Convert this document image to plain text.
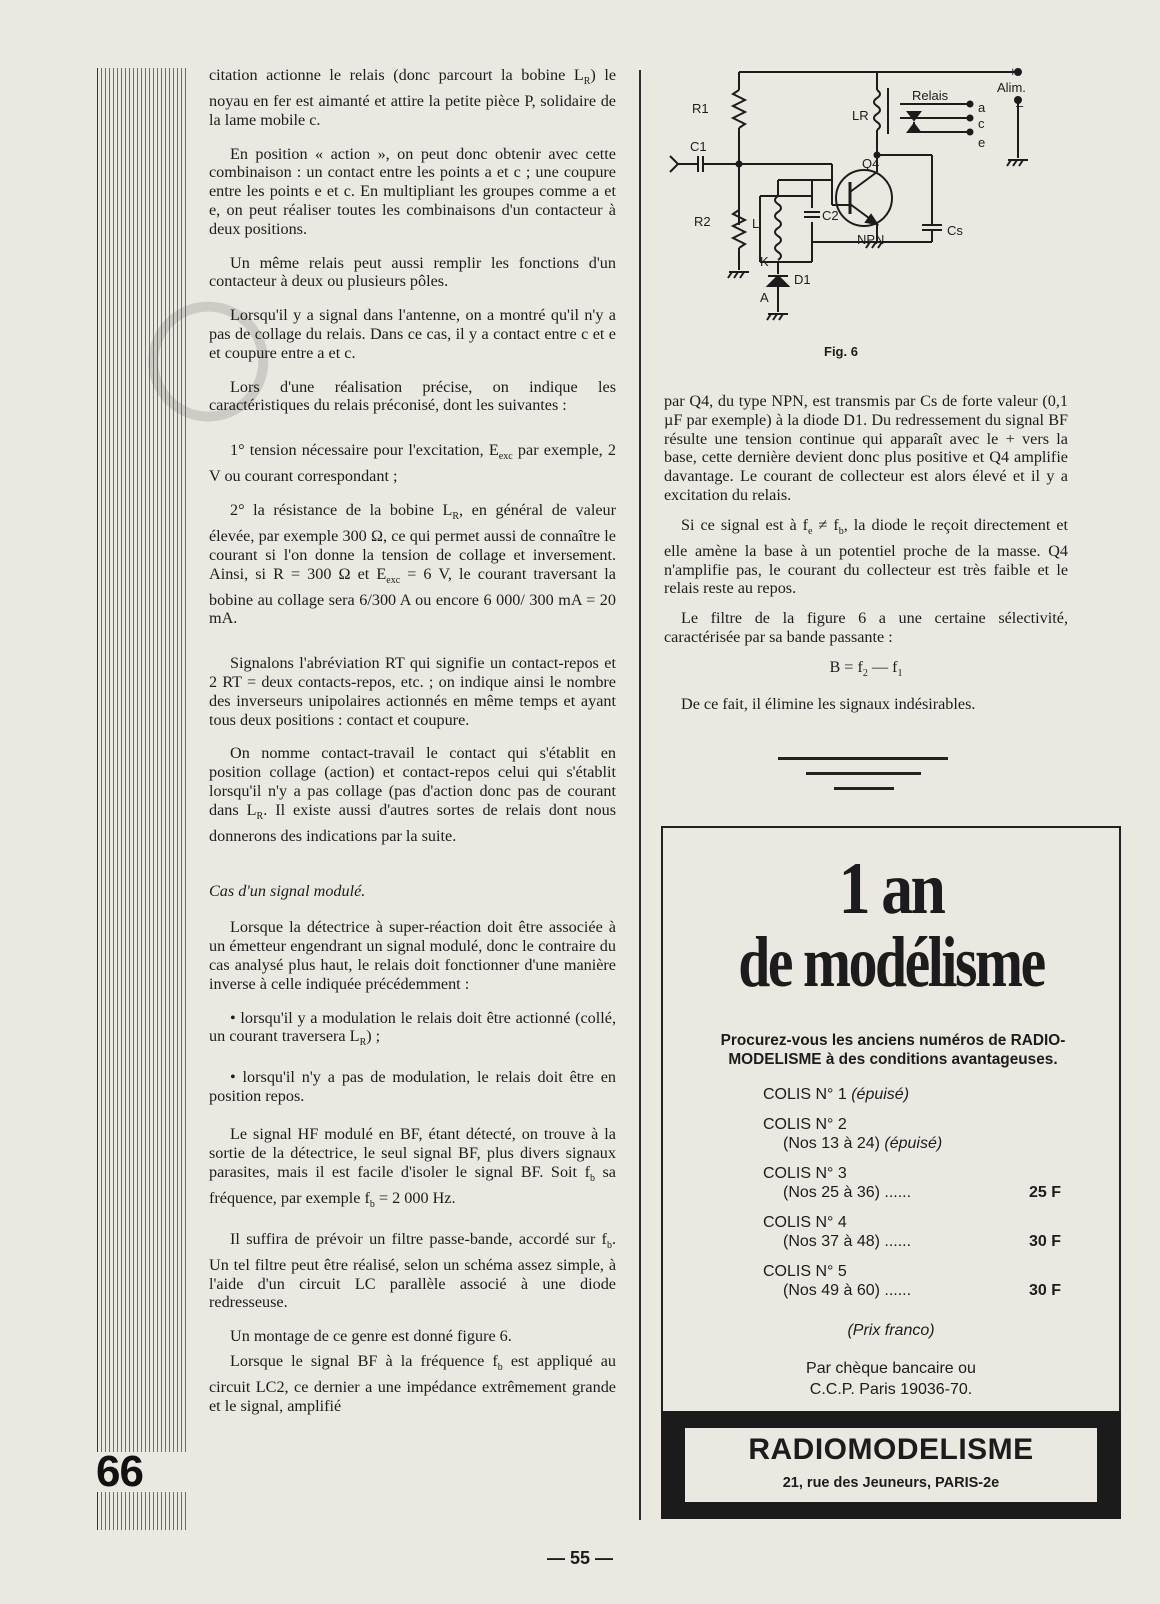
66

citation actionne le relais (donc parcourt la bobine $L_R$) le noyau en fer est aimanté et attire la petite pièce P, solidaire de la lame mobile c.

En position « action », on peut donc obtenir avec cette combinaison : un contact entre les points a et c ; une coupure entre les points e et c. En multipliant les groupes comme a et e, on peut réaliser toutes les combinaisons d'un contacteur à deux positions.

Un même relais peut aussi remplir les fonctions d'un contacteur à deux ou plusieurs pôles.

Lorsqu'il y a signal dans l'antenne, on a montré qu'il n'y a pas de collage du relais. Dans ce cas, il y a contact entre c et e et coupure entre a et c.

Lors d'une réalisation précise, on indique les caractéristiques du relais préconisé, dont les suivantes :

1° tension nécessaire pour l'excitation, $E_{exc}$ par exemple, 2 V ou courant correspondant ;

2° la résistance de la bobine $L_R$, en général de valeur élevée, par exemple 300 Ω, ce qui permet aussi de connaître le courant si l'on donne la tension de collage et inversement. Ainsi, si R = 300 Ω et $E_{exc} = 6$ V, le courant traversant la bobine au collage sera 6/300 A ou encore 6 000/ 300 mA = 20 mA.

Signalons l'abréviation RT qui signifie un contact-repos et 2 RT = deux contacts-repos, etc. ; on indique ainsi le nombre des inverseurs unipolaires actionnés en même temps et ayant tous deux positions : contact et coupure.

On nomme contact-travail le contact qui s'établit en position collage (action) et contact-repos celui qui s'établit lorsqu'il n'y a pas collage (pas d'action donc pas de courant dans $L_R$. Il existe aussi d'autres sortes de relais dont nous donnerons des indications par la suite.

Cas d'un signal modulé.

Lorsque la détectrice à super-réaction doit être associée à un émetteur engendrant un signal modulé, donc le contraire du cas analysé plus haut, le relais doit fonctionner d'une manière inverse à celle indiquée précédemment :

• lorsqu'il y a modulation le relais doit être actionné (collé, un courant traversera $L_R$) ;

• lorsqu'il n'y a pas de modulation, le relais doit être en position repos.

Le signal HF modulé en BF, étant détecté, on trouve à la sortie de la détectrice, le seul signal BF, plus divers signaux parasites, mais il est facile d'isoler le signal BF. Soit $f_b$ sa fréquence, par exemple $f_b = 2$ 000 Hz.

Il suffira de prévoir un filtre passe-bande, accordé sur $f_b$. Un tel filtre peut être réalisé, selon un schéma assez simple, à l'aide d'un circuit LC parallèle associé à une diode redresseuse.

Un montage de ce genre est donné figure 6.

Lorsque le signal BF à la fréquence $f_b$ est appliqué au circuit LC2, ce dernier a une impédance extrêmement grande et le signal, amplifié

+
Alim.
–
R1
C1
R2
LR
Relais
a
c
e
Q4
L
C2
NPN
Cs
K
D1
A
Fig. 6

par Q4, du type NPN, est transmis par Cs de forte valeur (0,1 µF par exemple) à la diode D1. Du redressement du signal BF résulte une tension continue qui apparaît avec le + vers la base, cette dernière devient donc plus positive et Q4 amplifie davantage. Le courant de collecteur est alors élevé et il y a excitation du relais.

Si ce signal est à $f_e \ne f_b$, la diode le reçoit directement et elle amène la base à un potentiel proche de la masse. Q4 n'amplifie pas, le courant du collecteur est très faible et le relais reste au repos.

Le filtre de la figure 6 a une certaine sélectivité, caractérisée par sa bande passante :

$B = f_2$ — $f_1$

De ce fait, il élimine les signaux indésirables.

1 an
de modélisme
Procurez-vous les anciens numéros de RADIO-MODELISME à des conditions avantageuses.
COLIS N° 1 (épuisé)
COLIS N° 2
(Nos 13 à 24) (épuisé)
COLIS N° 3
(Nos 25 à 36) ......	25 F
COLIS N° 4
(Nos 37 à 48) ......	30 F
COLIS N° 5
(Nos 49 à 60) ......	30 F
(Prix franco)
Par chèque bancaire ou
C.C.P. Paris 19036-70.
RADIOMODELISME
21, rue des Jeuneurs, PARIS-2e
— 55 —
